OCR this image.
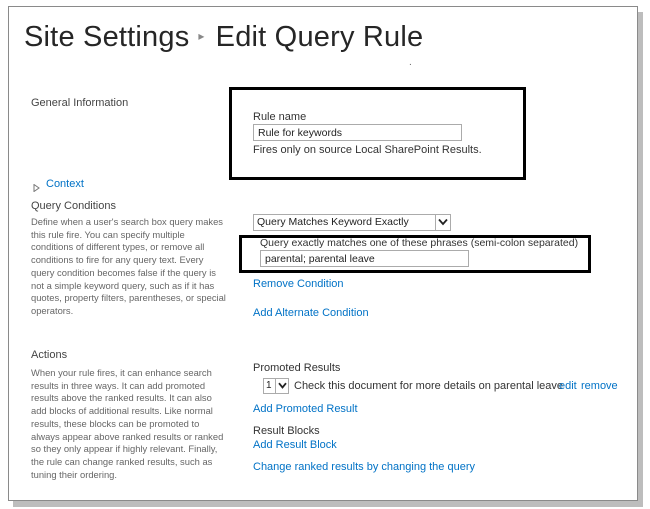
Site Settings ▸ Edit Query Rule
.
General Information
Rule name
Rule for keywords
Fires only on source Local SharePoint Results.
Context
Query Conditions
Define when a user's search box query makes this rule fire. You can specify multiple conditions of different types, or remove all conditions to fire for any query text. Every query condition becomes false if the query is not a simple keyword query, such as if it has quotes, property filters, parentheses, or special operators.
Query Matches Keyword Exactly
Query exactly matches one of these phrases (semi-colon separated)
parental; parental leave
Remove Condition
Add Alternate Condition
Actions
When your rule fires, it can enhance search results in three ways. It can add promoted results above the ranked results. It can also add blocks of additional results. Like normal results, these blocks can be promoted to always appear above ranked results or ranked so they only appear if highly relevant. Finally, the rule can change ranked results, such as tuning their ordering.
Promoted Results
1	Check this document for more details on parental leave
edit remove
Add Promoted Result
Result Blocks
Add Result Block
Change ranked results by changing the query
